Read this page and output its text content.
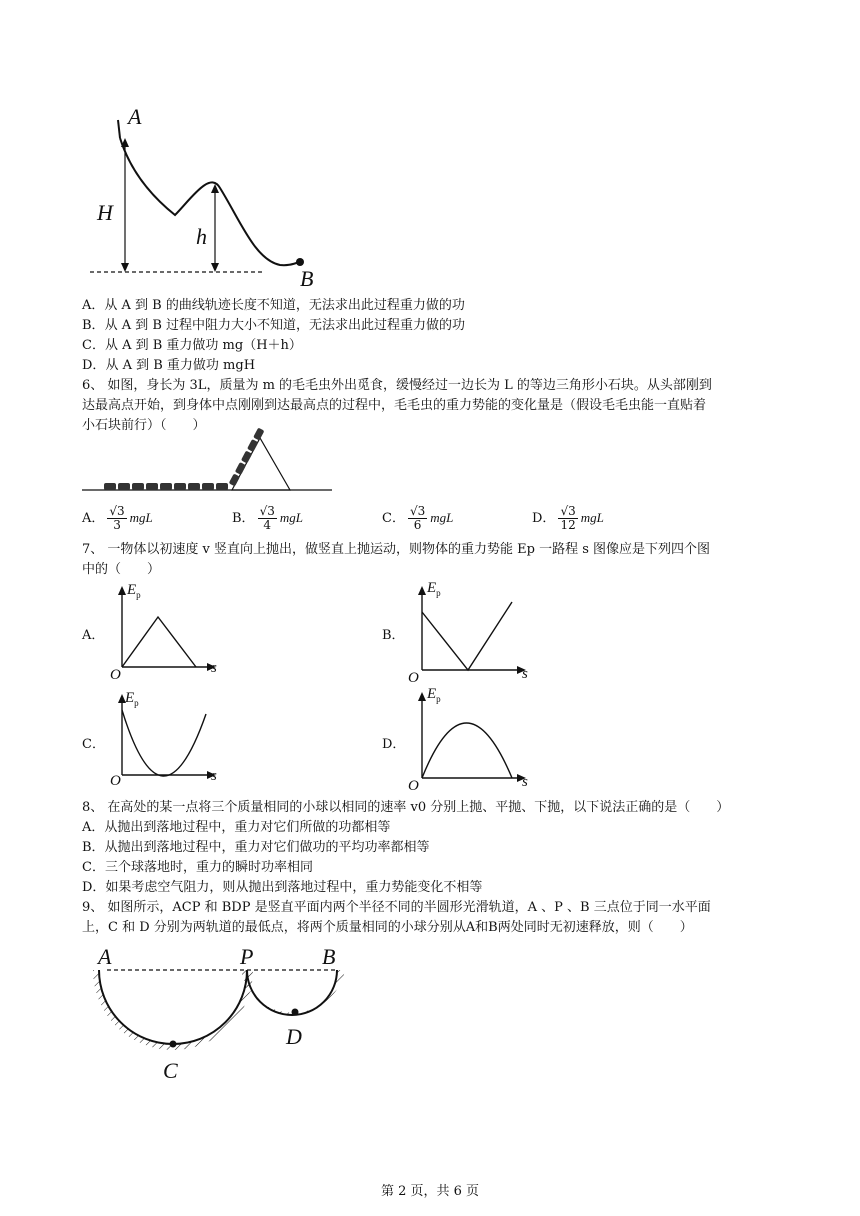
A
H
h
B
A．从 A 到 B 的曲线轨迹长度不知道，无法求出此过程重力做的功
B．从 A 到 B 过程中阻力大小不知道，无法求出此过程重力做的功
C．从 A 到 B 重力做功 mg（H＋h）
D．从 A 到 B 重力做功 mgH
6、 如图，身长为 3L，质量为 m 的毛毛虫外出觅食，缓慢经过一边长为 L 的等边三角形小石块。从头部刚到
达最高点开始，到身体中点刚刚到达最高点的过程中，毛毛虫的重力势能的变化量是（假设毛毛虫能一直贴着
小石块前行）（　　）
A． $\frac{√3}{3}$ mgL	B． $\frac{√3}{4}$ mgL	C． $\frac{√3}{6}$ mgL	D． $\frac{√3}{12}$ mgL
7、 一物体以初速度 v 竖直向上抛出，做竖直上抛运动，则物体的重力势能 Ep 一路程 s 图像应是下列四个图
中的（　　）
A．
$E_p$
O	s
B．
$E_p$
O	s
C．
$E_p$
O	s
D．
$E_p$
O	s
8、 在高处的某一点将三个质量相同的小球以相同的速率 v0 分别上抛、平抛、下抛，以下说法正确的是（　　）
A．从抛出到落地过程中，重力对它们所做的功都相等
B．从抛出到落地过程中，重力对它们做功的平均功率都相等
C．三个球落地时，重力的瞬时功率相同
D．如果考虑空气阻力，则从抛出到落地过程中，重力势能变化不相等
9、 如图所示，ACP 和 BDP 是竖直平面内两个半径不同的半圆形光滑轨道，A 、P 、B 三点位于同一水平面
上，C 和 D 分别为两轨道的最低点，将两个质量相同的小球分别从A和B两处同时无初速释放，则（　　）
A	P	B
C
D
第 2 页，共 6 页
